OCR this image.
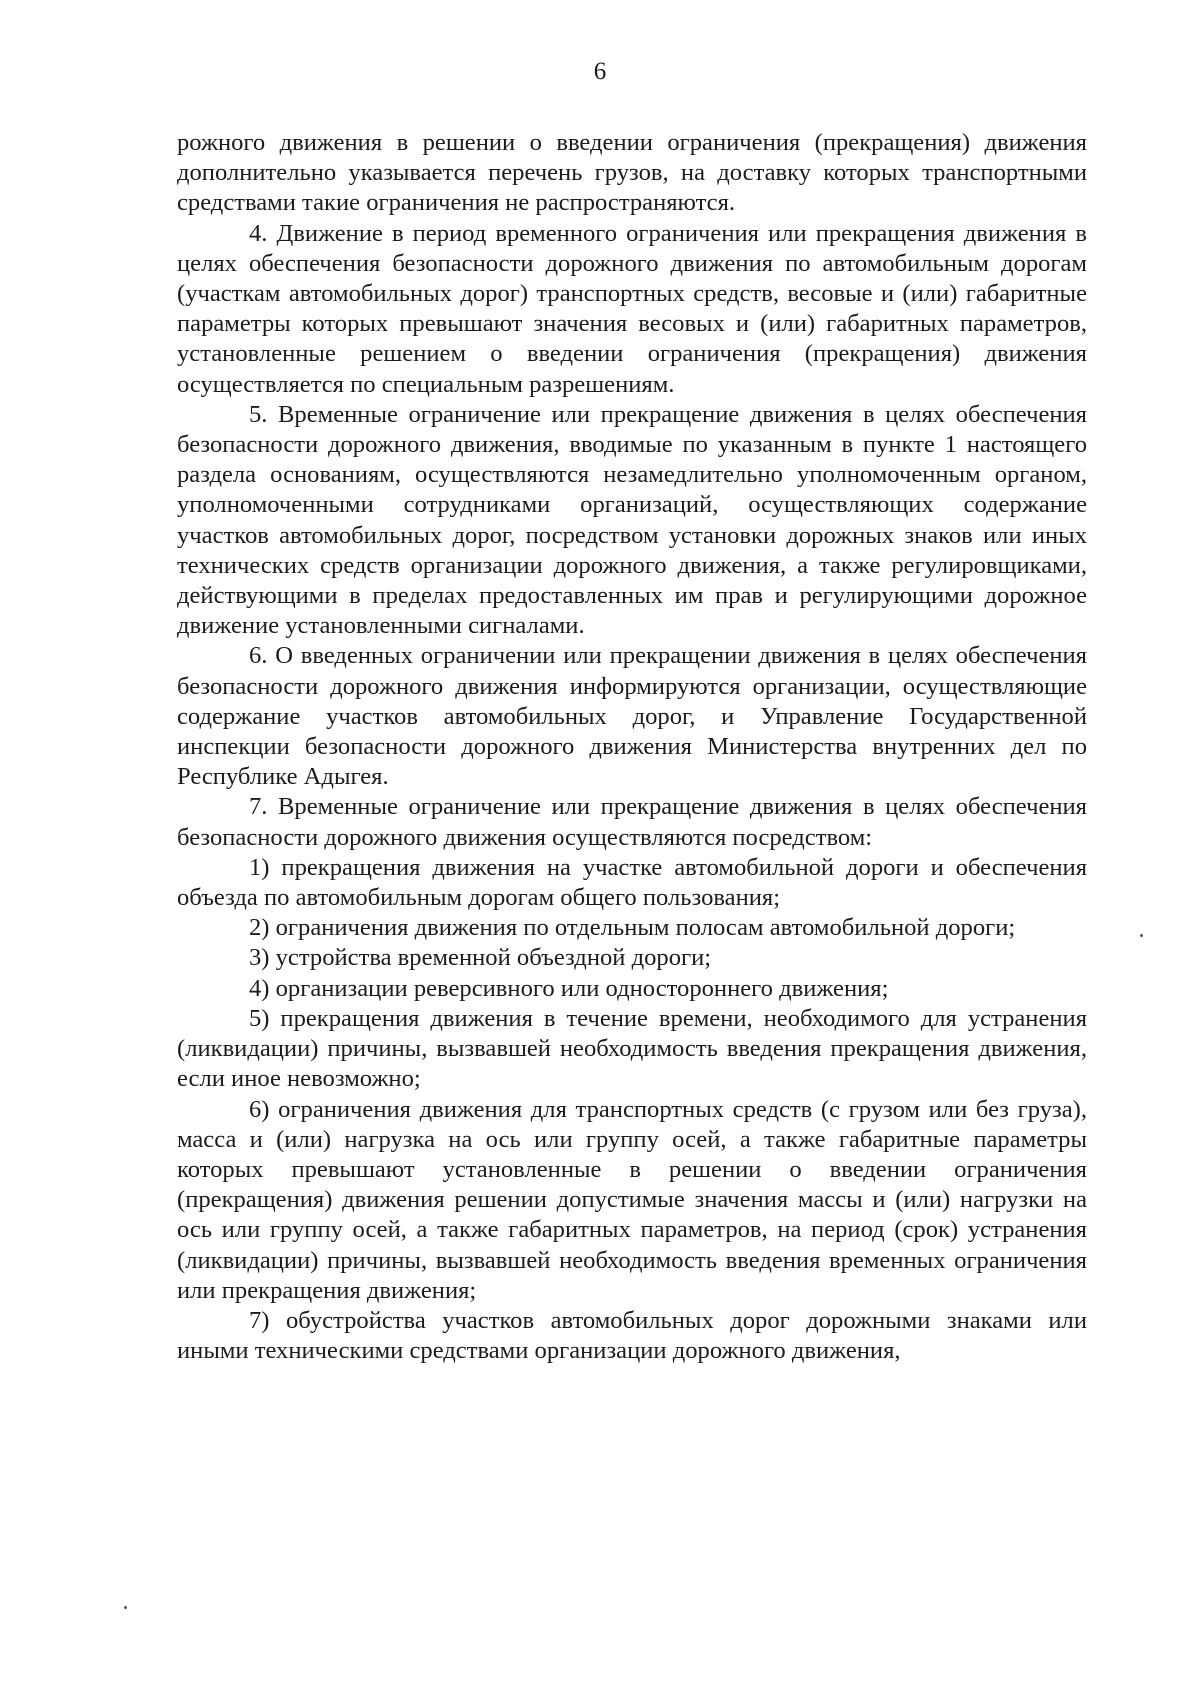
6

рожного движения в решении о введении ограничения (прекращения) движения дополнительно указывается перечень грузов, на доставку которых транспортными средствами такие ограничения не распространяются.

4. Движение в период временного ограничения или прекращения движения в целях обеспечения безопасности дорожного движения по автомобильным дорогам (участкам автомобильных дорог) транспортных средств, весовые и (или) габаритные параметры которых превышают значения весовых и (или) габаритных параметров, установленные решением о введении ограничения (прекращения) движения осуществляется по специальным разрешениям.

5. Временные ограничение или прекращение движения в целях обеспечения безопасности дорожного движения, вводимые по указанным в пункте 1 настоящего раздела основаниям, осуществляются незамедлительно уполномоченным органом, уполномоченными сотрудниками организаций, осуществляющих содержание участков автомобильных дорог, посредством установки дорожных знаков или иных технических средств организации дорожного движения, а также регулировщиками, действующими в пределах предоставленных им прав и регулирующими дорожное движение установленными сигналами.

6. О введенных ограничении или прекращении движения в целях обеспечения безопасности дорожного движения информируются организации, осуществляющие содержание участков автомобильных дорог, и Управление Государственной инспекции безопасности дорожного движения Министерства внутренних дел по Республике Адыгея.

7. Временные ограничение или прекращение движения в целях обеспечения безопасности дорожного движения осуществляются посредством:

1) прекращения движения на участке автомобильной дороги и обеспечения объезда по автомобильным дорогам общего пользования;

2) ограничения движения по отдельным полосам автомобильной дороги;

3) устройства временной объездной дороги;

4) организации реверсивного или одностороннего движения;

5) прекращения движения в течение времени, необходимого для устранения (ликвидации) причины, вызвавшей необходимость введения прекращения движения, если иное невозможно;

6) ограничения движения для транспортных средств (с грузом или без груза), масса и (или) нагрузка на ось или группу осей, а также габаритные параметры которых превышают установленные в решении о введении ограничения (прекращения) движения решении допустимые значения массы и (или) нагрузки на ось или группу осей, а также габаритных параметров, на период (срок) устранения (ликвидации) причины, вызвавшей необходимость введения временных ограничения или прекращения движения;

7) обустройства участков автомобильных дорог дорожными знаками или иными техническими средствами организации дорожного движения,
